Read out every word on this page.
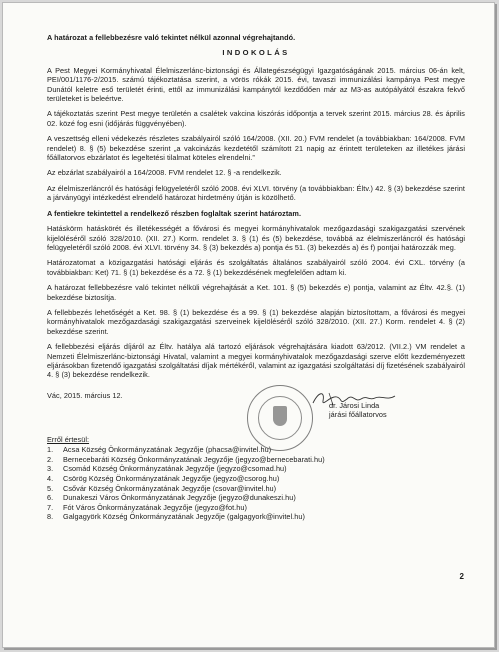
A határozat a fellebbezésre való tekintet nélkül azonnal végrehajtandó.

INDOKOLÁS

A Pest Megyei Kormányhivatal Élelmiszerlánc-biztonsági és Állategészségügyi Igazgatóságának 2015. március 06-án kelt, PEI/001/1176-2/2015. számú tájékoztatása szerint, a vörös rókák 2015. évi, tavaszi immunizálási kampánya Pest megye Dunától keletre eső területét érinti, ettől az immunizálási kampánytól kezdődően már az M3-as autópályától északra fekvő területeket is beleértve.

A tájékoztatás szerint Pest megye területén a csalétek vakcina kiszórás időpontja a tervek szerint 2015. március 28. és április 02. közé fog esni (időjárás függvényében).

A veszettség elleni védekezés részletes szabályairól szóló 164/2008. (XII. 20.) FVM rendelet (a továbbiakban: 164/2008. FVM rendelet) 8. § (5) bekezdése szerint „a vakcinázás kezdetétől számított 21 napig az érintett területeken az illetékes járási főállatorvos ebzárlatot és legeltetési tilalmat köteles elrendelni.”

Az ebzárlat szabályairól a 164/2008. FVM rendelet 12. § -a rendelkezik.

Az élelmiszerláncról és hatósági felügyeletéről szóló 2008. évi XLVI. törvény (a továbbiakban: Éltv.) 42. § (3) bekezdése szerint a járványügyi intézkedést elrendelő határozat hirdetmény útján is közölhető.

A fentiekre tekintettel a rendelkező részben foglaltak szerint határoztam.

Hatáskörm hatáskörét és illetékességét a fővárosi és megyei kormányhivatalok mezőgazdasági szakigazgatási szervének kijelöléséről szóló 328/2010. (XII. 27.) Korm. rendelet 3. § (1) és (5) bekezdése, továbbá az élelmiszerláncról és hatósági felügyeletéről szóló 2008. évi XLVI. törvény 34. § (3) bekezdés a) pontja és 51. (3) bekezdés a) és f) pontjai határozzák meg.

Határozatomat a közigazgatási hatósági eljárás és szolgáltatás általános szabályairól szóló 2004. évi CXL. törvény (a továbbiakban: Ket) 71. § (1) bekezdése és a 72. § (1) bekezdésének megfelelően adtam ki.

A határozat fellebbezésre való tekintet nélküli végrehajtását a Ket. 101. § (5) bekezdés e) pontja, valamint az Éltv. 42.§. (1) bekezdése biztosítja.

A fellebbezés lehetőségét a Ket. 98. § (1) bekezdése és a 99. § (1) bekezdése alapján biztosítottam, a fővárosi és megyei kormányhivatalok mezőgazdasági szakigazgatási szerveinek kijelöléséről szóló 328/2010. (XII. 27.) Korm. rendelet 4. § (2) bekezdése szerint.

A fellebbezési eljárás díjáról az Éltv. hatálya alá tartozó eljárások végrehajtására kiadott 63/2012. (VII.2.) VM rendelet a Nemzeti Élelmiszerlánc-biztonsági Hivatal, valamint a megyei kormányhivatalok mezőgazdasági szerve előtt kezdeményezett eljárásokban fizetendő igazgatási szolgáltatási díjak mértékéről, valamint az igazgatási szolgáltatási díj fizetésének szabályairól 4. § (3) bekezdése rendelkezik.

Vác, 2015. március 12.
dr. Járosi Linda
járási főállatorvos
Erről értesül:
1.	Acsa Község Önkormányzatának Jegyzője (phacsa@invitel.hu)
2.	Bernecebaráti Község Önkormányzatának Jegyzője (jegyzo@bernecebarati.hu)
3.	Csomád Község Önkormányzatának Jegyzője (jegyzo@csomad.hu)
4.	Csörög Község Önkormányzatának Jegyzője (jegyzo@csorog.hu)
5.	Csővár Község Önkormányzatának Jegyzője (csovar@invitel.hu)
6.	Dunakeszi Város Önkormányzatának Jegyzője (jegyzo@dunakeszi.hu)
7.	Fót Város Önkormányzatának Jegyzője (jegyzo@fot.hu)
8.	Galgagyörk Község Önkormányzatának Jegyzője (galgagyork@invitel.hu)
2
